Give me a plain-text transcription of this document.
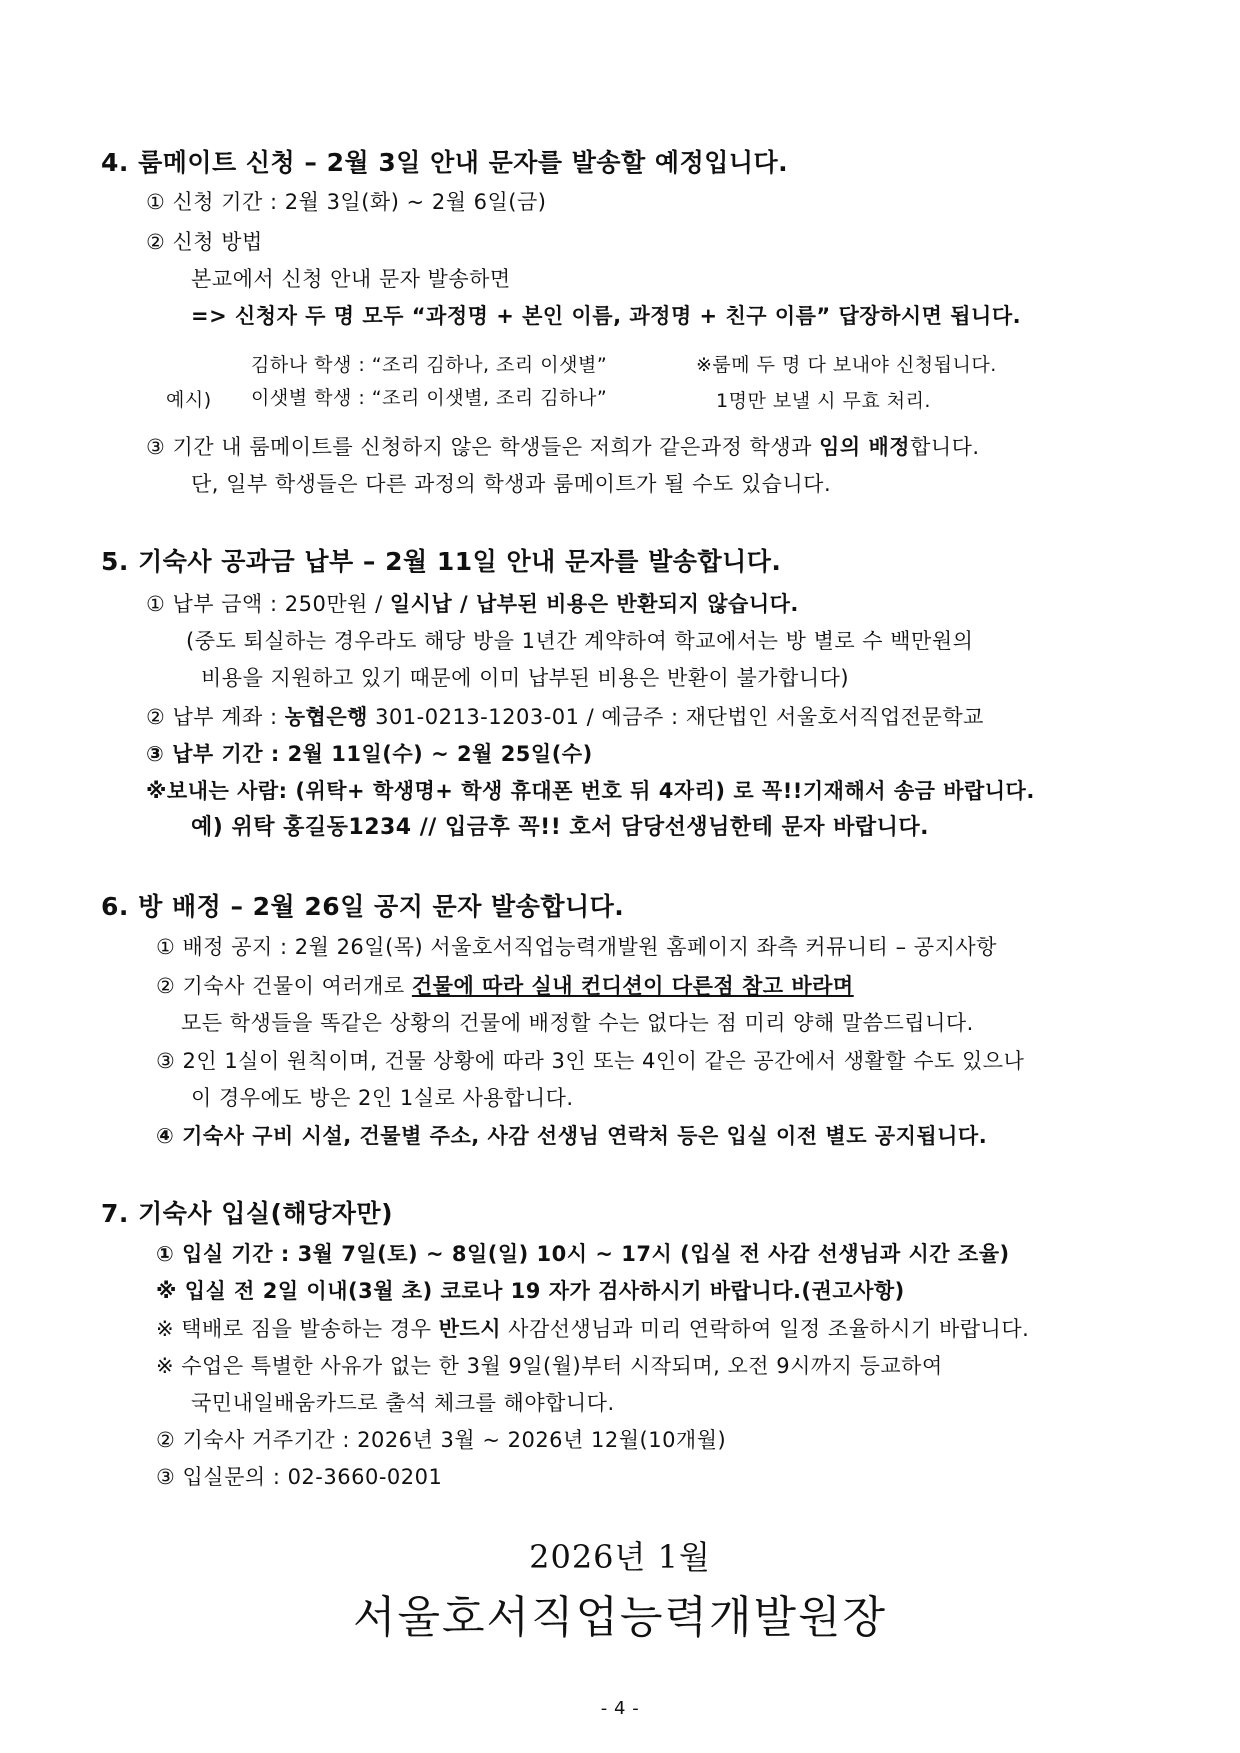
4. 룸메이트 신청 – 2월 3일 안내 문자를 발송할 예정입니다.
① 신청 기간 : 2월 3일(화) ~ 2월 6일(금)
② 신청 방법
본교에서 신청 안내 문자 발송하면
=> 신청자 두 명 모두 “과정명 + 본인 이름, 과정명 + 친구 이름” 답장하시면 됩니다.
김하나 학생 : “조리 김하나, 조리 이샛별”	※룸메 두 명 다 보내야 신청됩니다.
예시) 이샛별 학생 : “조리 이샛별, 조리 김하나”	1명만 보낼 시 무효 처리.
③ 기간 내 룸메이트를 신청하지 않은 학생들은 저희가 같은과정 학생과 임의 배정합니다.
단, 일부 학생들은 다른 과정의 학생과 룸메이트가 될 수도 있습니다.
5. 기숙사 공과금 납부 – 2월 11일 안내 문자를 발송합니다.
① 납부 금액 : 250만원 / 일시납 / 납부된 비용은 반환되지 않습니다.
(중도 퇴실하는 경우라도 해당 방을 1년간 계약하여 학교에서는 방 별로 수 백만원의
비용을 지원하고 있기 때문에 이미 납부된 비용은 반환이 불가합니다)
② 납부 계좌 : 농협은행 301-0213-1203-01 / 예금주 : 재단법인 서울호서직업전문학교
③ 납부 기간 : 2월 11일(수) ~ 2월 25일(수)
※보내는 사람: (위탁+ 학생명+ 학생 휴대폰 번호 뒤 4자리) 로 꼭!!기재해서 송금 바랍니다.
예) 위탁 홍길동1234 // 입금후 꼭!! 호서 담당선생님한테 문자 바랍니다.
6. 방 배정 – 2월 26일 공지 문자 발송합니다.
① 배정 공지 : 2월 26일(목) 서울호서직업능력개발원 홈페이지 좌측 커뮤니티 – 공지사항
② 기숙사 건물이 여러개로 건물에 따라 실내 컨디션이 다른점 참고 바라며
모든 학생들을 똑같은 상황의 건물에 배정할 수는 없다는 점 미리 양해 말씀드립니다.
③ 2인 1실이 원칙이며, 건물 상황에 따라 3인 또는 4인이 같은 공간에서 생활할 수도 있으나
이 경우에도 방은 2인 1실로 사용합니다.
④ 기숙사 구비 시설, 건물별 주소, 사감 선생님 연락처 등은 입실 이전 별도 공지됩니다.
7. 기숙사 입실(해당자만)
① 입실 기간 : 3월 7일(토) ~ 8일(일) 10시 ~ 17시 (입실 전 사감 선생님과 시간 조율)
※ 입실 전 2일 이내(3월 초) 코로나 19 자가 검사하시기 바랍니다.(권고사항)
※ 택배로 짐을 발송하는 경우 반드시 사감선생님과 미리 연락하여 일정 조율하시기 바랍니다.
※ 수업은 특별한 사유가 없는 한 3월 9일(월)부터 시작되며, 오전 9시까지 등교하여
국민내일배움카드로 출석 체크를 해야합니다.
② 기숙사 거주기간 : 2026년 3월 ~ 2026년 12월(10개월)
③ 입실문의 : 02-3660-0201
2026년 1월
서울호서직업능력개발원장
- 4 -
